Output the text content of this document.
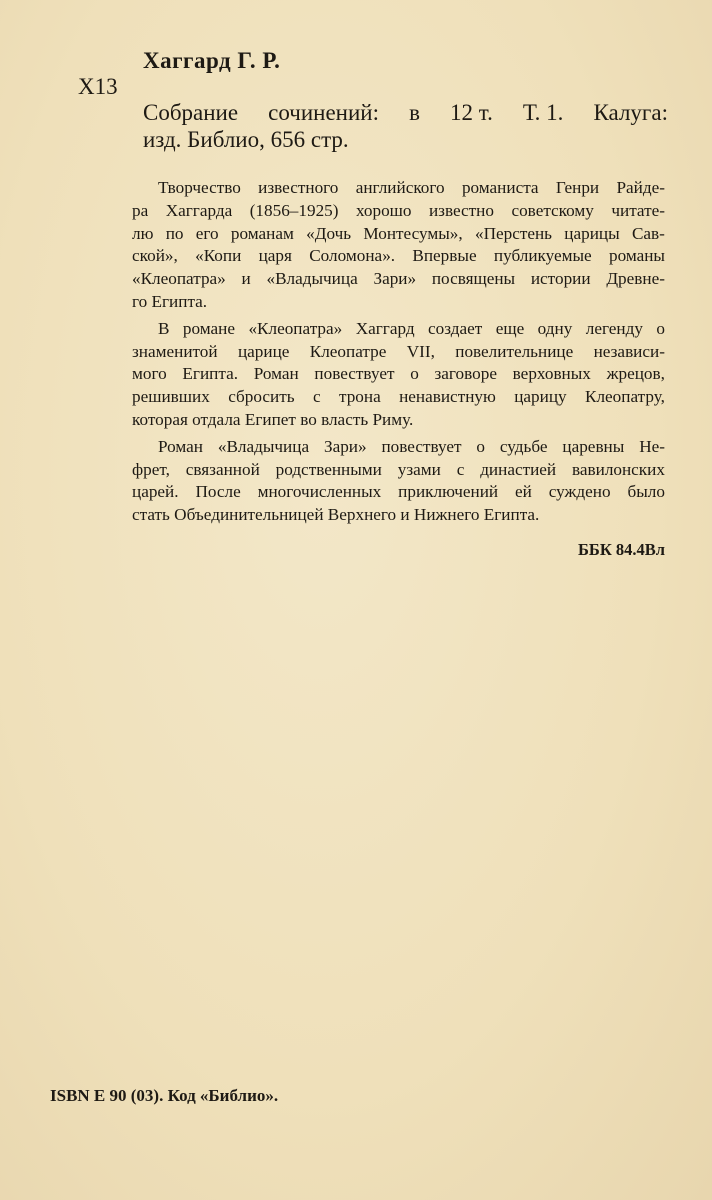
Хаггард Г. Р.
Х13
Собрание сочинений: в 12 т. Т. 1. Калуга:
изд. Библио, 656 стр.
Творчество известного английского романиста Генри Райде-
ра Хаггарда (1856–1925) хорошо известно советскому читате-
лю по его романам «Дочь Монтесумы», «Перстень царицы Сав-
ской», «Копи царя Соломона». Впервые публикуемые романы
«Клеопатра» и «Владычица Зари» посвящены истории Древне-
го Египта.
В романе «Клеопатра» Хаггард создает еще одну легенду о
знаменитой царице Клеопатре VII, повелительнице независи-
мого Египта. Роман повествует о заговоре верховных жрецов,
решивших сбросить с трона ненавистную царицу Клеопатру,
которая отдала Египет во власть Риму.
Роман «Владычица Зари» повествует о судьбе царевны Не-
фрет, связанной родственными узами с династией вавилонских
царей. После многочисленных приключений ей суждено было
стать Объединительницей Верхнего и Нижнего Египта.
ББК 84.4Вл
ISBN E 90 (03). Код «Библио».
